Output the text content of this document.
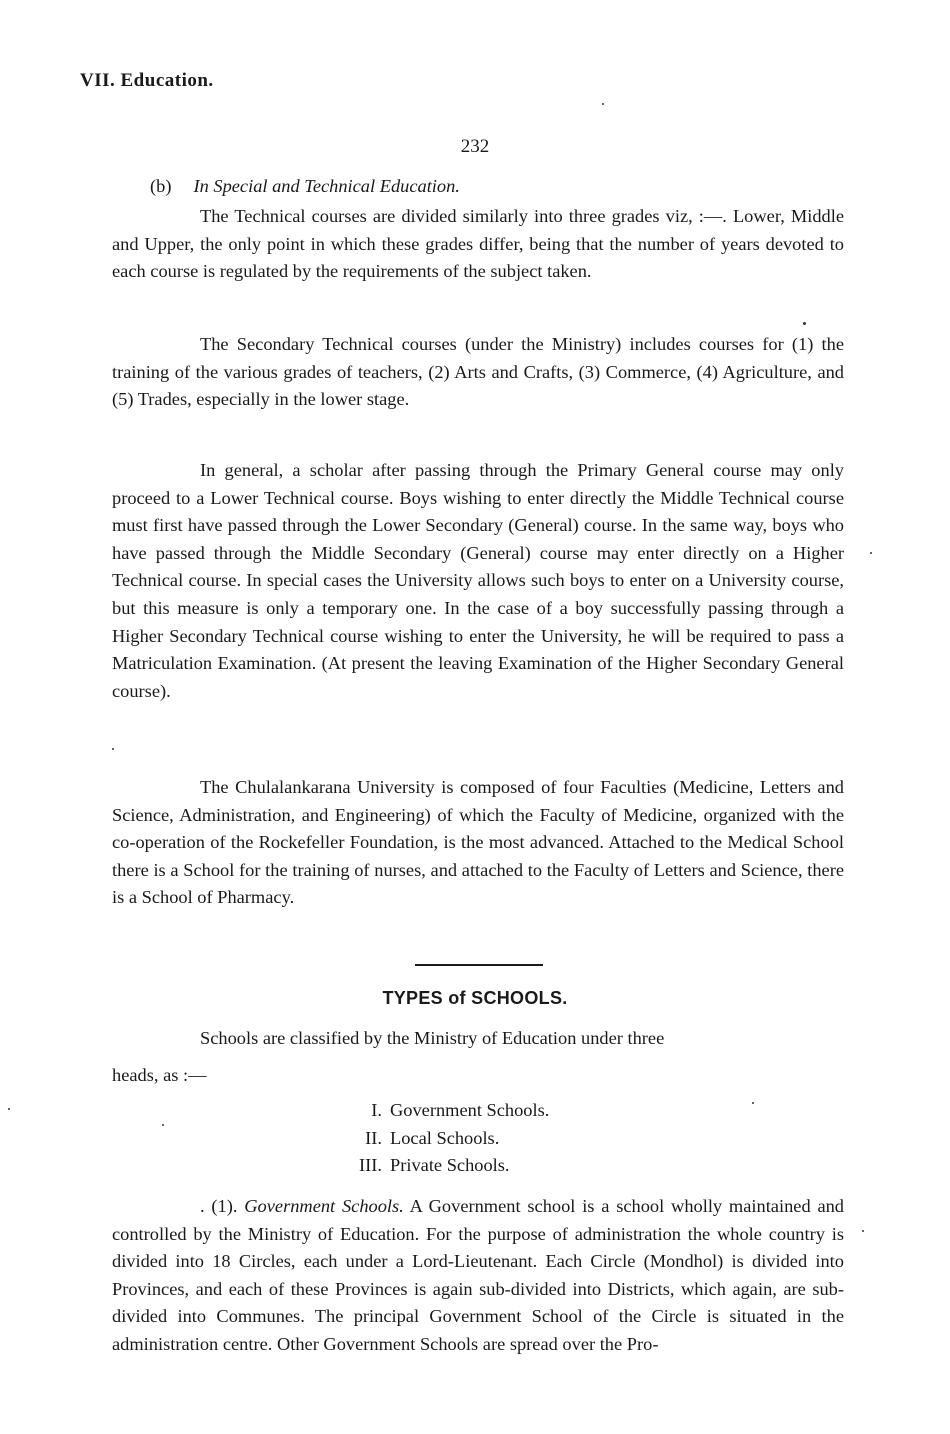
VII. Education.
232
(b) In Special and Technical Education.

The Technical courses are divided similarly into three grades viz, :—. Lower, Middle and Upper, the only point in which these grades differ, being that the number of years devoted to each course is regulated by the requirements of the subject taken.

The Secondary Technical courses (under the Ministry) includes courses for (1) the training of the various grades of teachers, (2) Arts and Crafts, (3) Commerce, (4) Agriculture, and (5) Trades, especially in the lower stage.

In general, a scholar after passing through the Primary General course may only proceed to a Lower Technical course. Boys wishing to enter directly the Middle Technical course must first have passed through the Lower Secondary (General) course. In the same way, boys who have passed through the Middle Secondary (General) course may enter directly on a Higher Technical course. In special cases the University allows such boys to enter on a University course, but this measure is only a temporary one. In the case of a boy successfully passing through a Higher Secondary Technical course wishing to enter the University, he will be required to pass a Matriculation Examination. (At present the leaving Examination of the Higher Secondary General course).

The Chulalankarana University is composed of four Faculties (Medicine, Letters and Science, Administration, and Engineering) of which the Faculty of Medicine, organized with the co-operation of the Rockefeller Foundation, is the most advanced. Attached to the Medical School there is a School for the training of nurses, and attached to the Faculty of Letters and Science, there is a School of Pharmacy.

TYPES of SCHOOLS.

Schools are classified by the Ministry of Education under three

heads, as :—
I. Government Schools.
II. Local Schools.
III. Private Schools.

. (1). Government Schools. A Government school is a school wholly maintained and controlled by the Ministry of Education. For the purpose of administration the whole country is divided into 18 Circles, each under a Lord-Lieutenant. Each Circle (Mondhol) is divided into Provinces, and each of these Provinces is again sub-divided into Districts, which again, are sub-divided into Communes. The principal Government School of the Circle is situated in the administration centre. Other Government Schools are spread over the Pro-
